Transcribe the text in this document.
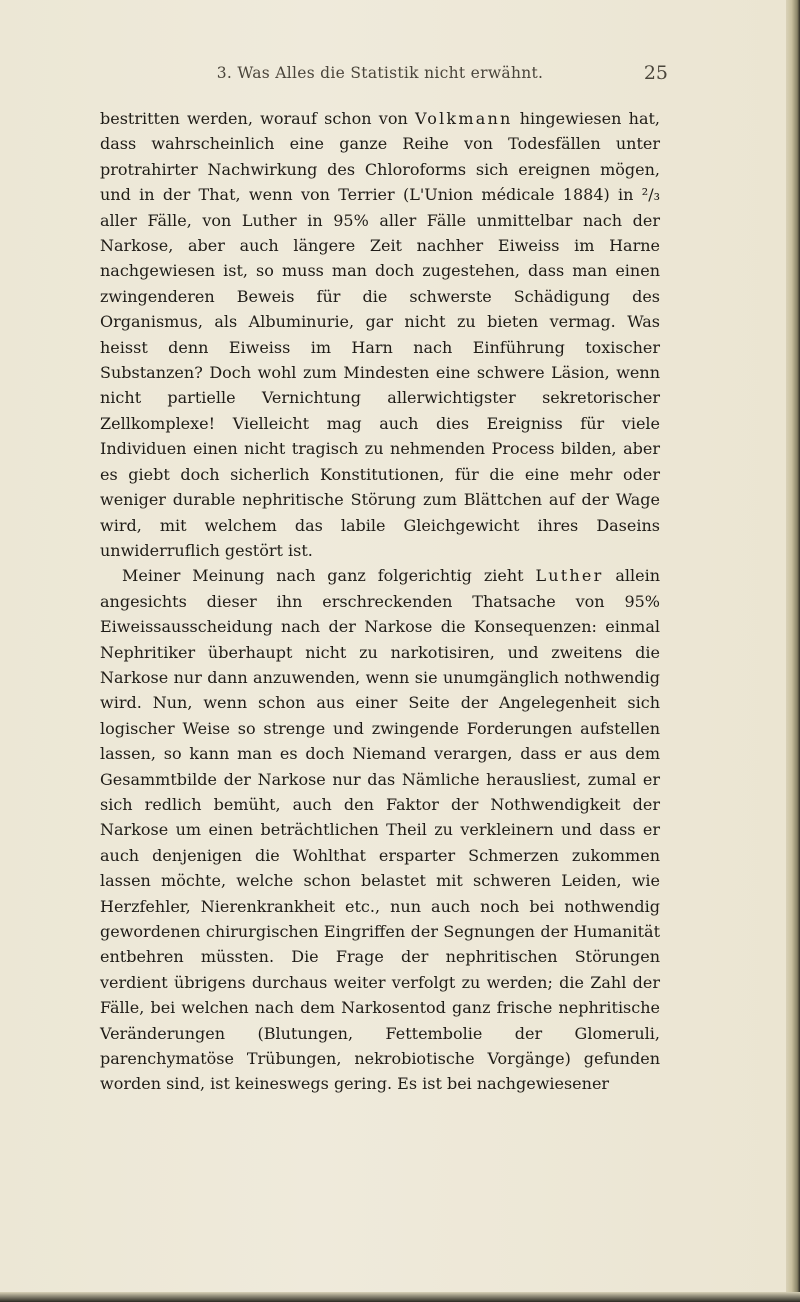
3. Was Alles die Statistik nicht erwähnt.	25

bestritten werden, worauf schon von Volkmann hingewiesen hat, dass wahrscheinlich eine ganze Reihe von Todesfällen unter protrahirter Nachwirkung des Chloroforms sich ereignen mögen, und in der That, wenn von Terrier (L'Union médicale 1884) in ²/₃ aller Fälle, von Luther in 95% aller Fälle unmittelbar nach der Narkose, aber auch längere Zeit nachher Eiweiss im Harne nachgewiesen ist, so muss man doch zugestehen, dass man einen zwingenderen Beweis für die schwerste Schädigung des Organismus, als Albuminurie, gar nicht zu bieten vermag. Was heisst denn Eiweiss im Harn nach Einführung toxischer Substanzen? Doch wohl zum Mindesten eine schwere Läsion, wenn nicht partielle Vernichtung allerwichtigster sekretorischer Zellkomplexe! Vielleicht mag auch dies Ereigniss für viele Individuen einen nicht tragisch zu nehmenden Process bilden, aber es giebt doch sicherlich Konstitutionen, für die eine mehr oder weniger durable nephritische Störung zum Blättchen auf der Wage wird, mit welchem das labile Gleichgewicht ihres Daseins unwiderruflich gestört ist.

Meiner Meinung nach ganz folgerichtig zieht Luther allein angesichts dieser ihn erschreckenden Thatsache von 95% Eiweissausscheidung nach der Narkose die Konsequenzen: einmal Nephritiker überhaupt nicht zu narkotisiren, und zweitens die Narkose nur dann anzuwenden, wenn sie unumgänglich nothwendig wird. Nun, wenn schon aus einer Seite der Angelegenheit sich logischer Weise so strenge und zwingende Forderungen aufstellen lassen, so kann man es doch Niemand verargen, dass er aus dem Gesammtbilde der Narkose nur das Nämliche herausliest, zumal er sich redlich bemüht, auch den Faktor der Nothwendigkeit der Narkose um einen beträchtlichen Theil zu verkleinern und dass er auch denjenigen die Wohlthat ersparter Schmerzen zukommen lassen möchte, welche schon belastet mit schweren Leiden, wie Herzfehler, Nierenkrankheit etc., nun auch noch bei nothwendig gewordenen chirurgischen Eingriffen der Segnungen der Humanität entbehren müssten. Die Frage der nephritischen Störungen verdient übrigens durchaus weiter verfolgt zu werden; die Zahl der Fälle, bei welchen nach dem Narkosentod ganz frische nephritische Veränderungen (Blutungen, Fettembolie der Glomeruli, parenchymatöse Trübungen, nekrobiotische Vorgänge) gefunden worden sind, ist keineswegs gering. Es ist bei nachgewiesener
